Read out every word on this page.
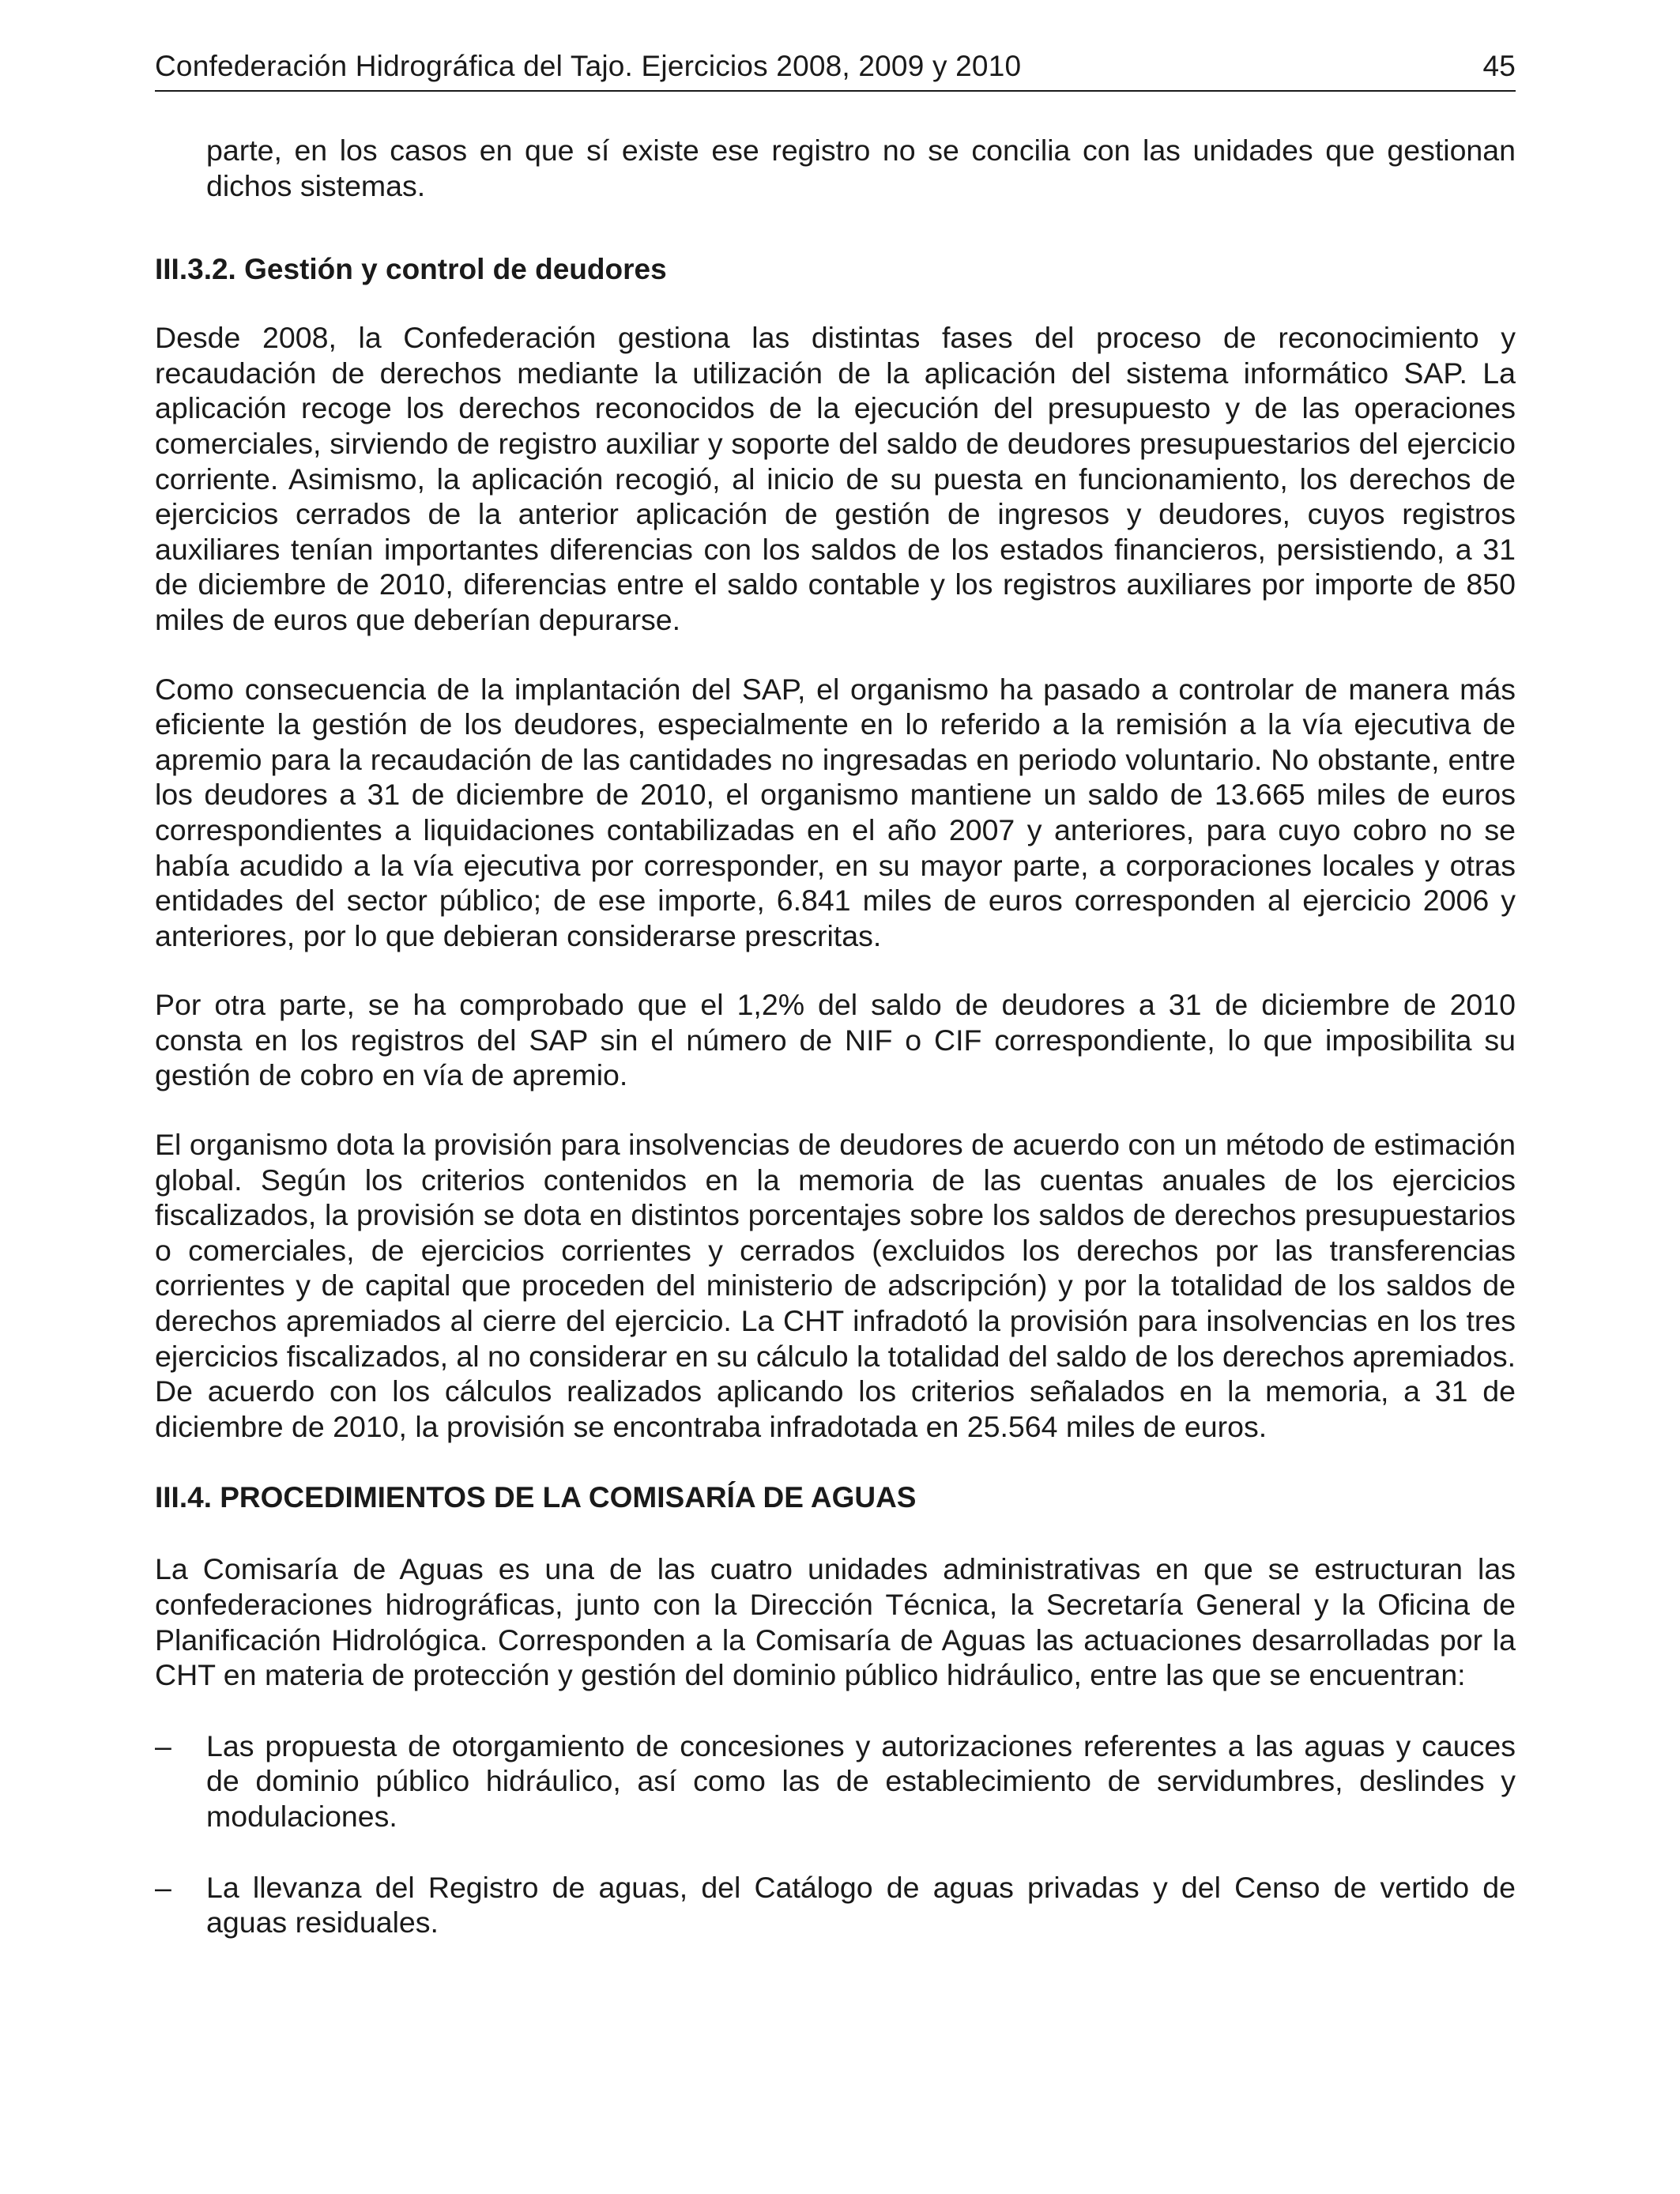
Confederación Hidrográfica del Tajo. Ejercicios 2008, 2009 y 2010	45

parte, en los casos en que sí existe ese registro no se concilia con las unidades que gestionan dichos sistemas.

III.3.2. Gestión y control de deudores

Desde 2008, la Confederación gestiona las distintas fases del proceso de reconocimiento y recaudación de derechos mediante la utilización de la aplicación del sistema informático SAP. La aplicación recoge los derechos reconocidos de la ejecución del presupuesto y de las operaciones comerciales, sirviendo de registro auxiliar y soporte del saldo de deudores presupuestarios del ejercicio corriente. Asimismo, la aplicación recogió, al inicio de su puesta en funcionamiento, los derechos de ejercicios cerrados de la anterior aplicación de gestión de ingresos y deudores, cuyos registros auxiliares tenían importantes diferencias con los saldos de los estados financieros, persistiendo, a 31 de diciembre de 2010, diferencias entre el saldo contable y los registros auxiliares por importe de 850 miles de euros que deberían depurarse.

Como consecuencia de la implantación del SAP, el organismo ha pasado a controlar de manera más eficiente la gestión de los deudores, especialmente en lo referido a la remisión a la vía ejecutiva de apremio para la recaudación de las cantidades no ingresadas en periodo voluntario. No obstante, entre los deudores a 31 de diciembre de 2010, el organismo mantiene un saldo de 13.665 miles de euros correspondientes a liquidaciones contabilizadas en el año 2007 y anteriores, para cuyo cobro no se había acudido a la vía ejecutiva por corresponder, en su mayor parte, a corporaciones locales y otras entidades del sector público; de ese importe, 6.841 miles de euros corresponden al ejercicio 2006 y anteriores, por lo que debieran considerarse prescritas.

Por otra parte, se ha comprobado que el 1,2% del saldo de deudores a 31 de diciembre de 2010 consta en los registros del SAP sin el número de NIF o CIF correspondiente, lo que imposibilita su gestión de cobro en vía de apremio.

El organismo dota la provisión para insolvencias de deudores de acuerdo con un método de estimación global. Según los criterios contenidos en la memoria de las cuentas anuales de los ejercicios fiscalizados, la provisión se dota en distintos porcentajes sobre los saldos de derechos presupuestarios o comerciales, de ejercicios corrientes y cerrados (excluidos los derechos por las transferencias corrientes y de capital que proceden del ministerio de adscripción) y por la totalidad de los saldos de derechos apremiados al cierre del ejercicio. La CHT infradotó la provisión para insolvencias en los tres ejercicios fiscalizados, al no considerar en su cálculo la totalidad del saldo de los derechos apremiados. De acuerdo con los cálculos realizados aplicando los criterios señalados en la memoria, a 31 de diciembre de 2010, la provisión se encontraba infradotada en 25.564 miles de euros.

III.4. PROCEDIMIENTOS DE LA COMISARÍA DE AGUAS

La Comisaría de Aguas es una de las cuatro unidades administrativas en que se estructuran las confederaciones hidrográficas, junto con la Dirección Técnica, la Secretaría General y la Oficina de Planificación Hidrológica. Corresponden a la Comisaría de Aguas las actuaciones desarrolladas por la CHT en materia de protección y gestión del dominio público hidráulico, entre las que se encuentran:

–	Las propuesta de otorgamiento de concesiones y autorizaciones referentes a las aguas y cauces de dominio público hidráulico, así como las de establecimiento de servidumbres, deslindes y modulaciones.
–	La llevanza del Registro de aguas, del Catálogo de aguas privadas y del Censo de vertido de aguas residuales.
